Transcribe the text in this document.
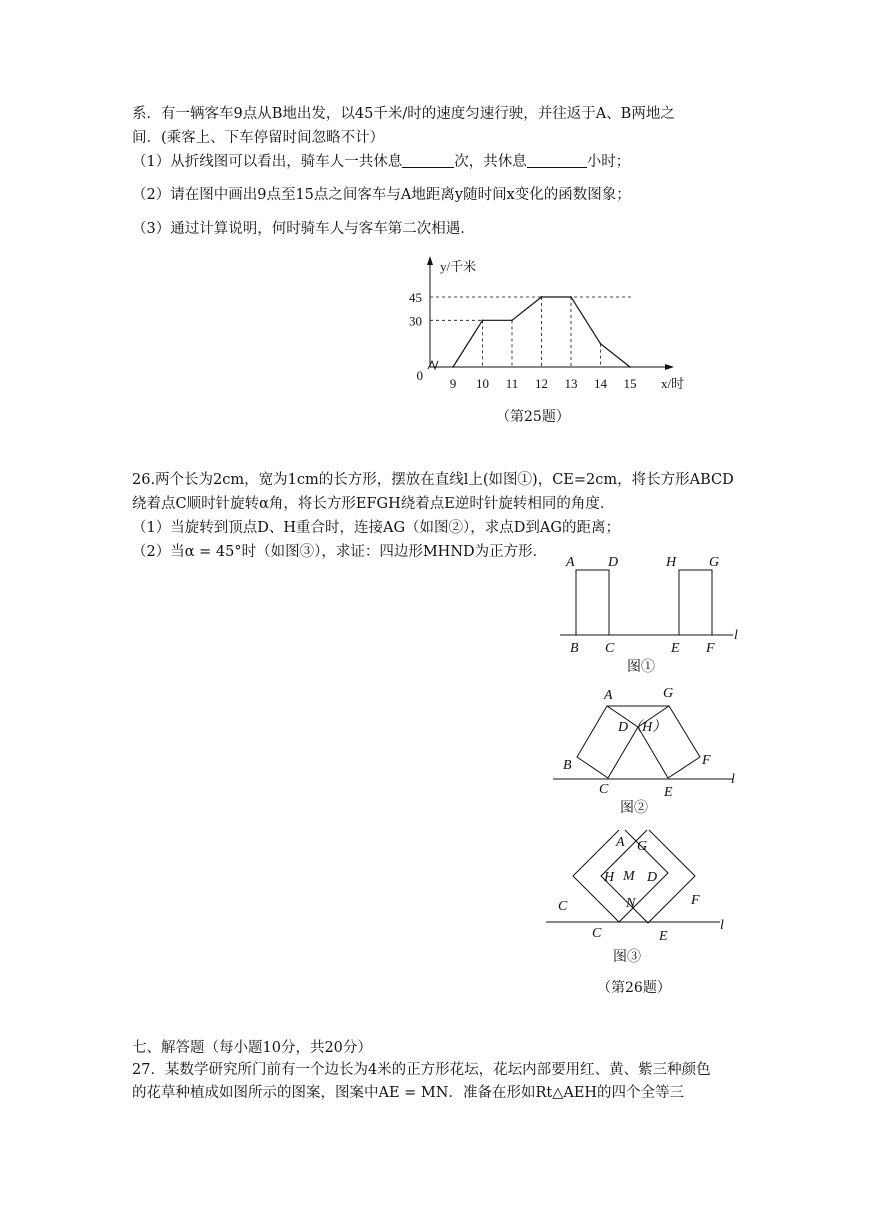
系．有一辆客车9点从B地出发，以45千米/时的速度匀速行驶，并往返于A、B两地之
间．(乘客上、下车停留时间忽略不计）
（1）从折线图可以看出，骑车人一共休息	次，共休息	小时；
（2）请在图中画出9点至15点之间客车与A地距离y随时间x变化的函数图象；
（3）通过计算说明，何时骑车人与客车第二次相遇．
9 10 11 12 13 14 15
30
45
0
y/千米
x/时
（第25题）
26.两个长为2cm，宽为1cm的长方形，摆放在直线l上(如图①)，CE=2cm，将长方形ABCD
绕着点C顺时针旋转α角，将长方形EFGH绕着点E逆时针旋转相同的角度．
（1）当旋转到顶点D、H重合时，连接AG（如图②），求点D到AG的距离；
（2）当α = 45°时（如图③），求证：四边形MHND为正方形．
A D	H G
B C	E F
l
图①
A	G
D（H）
B
C	E
F
l
图②
A G
H M D
C	N	F
C	E
l
图③
（第26题）
七、解答题（每小题10分，共20分）
27．某数学研究所门前有一个边长为4米的正方形花坛，花坛内部要用红、黄、紫三种颜色
的花草种植成如图所示的图案，图案中AE = MN．准备在形如Rt△AEH的四个全等三
